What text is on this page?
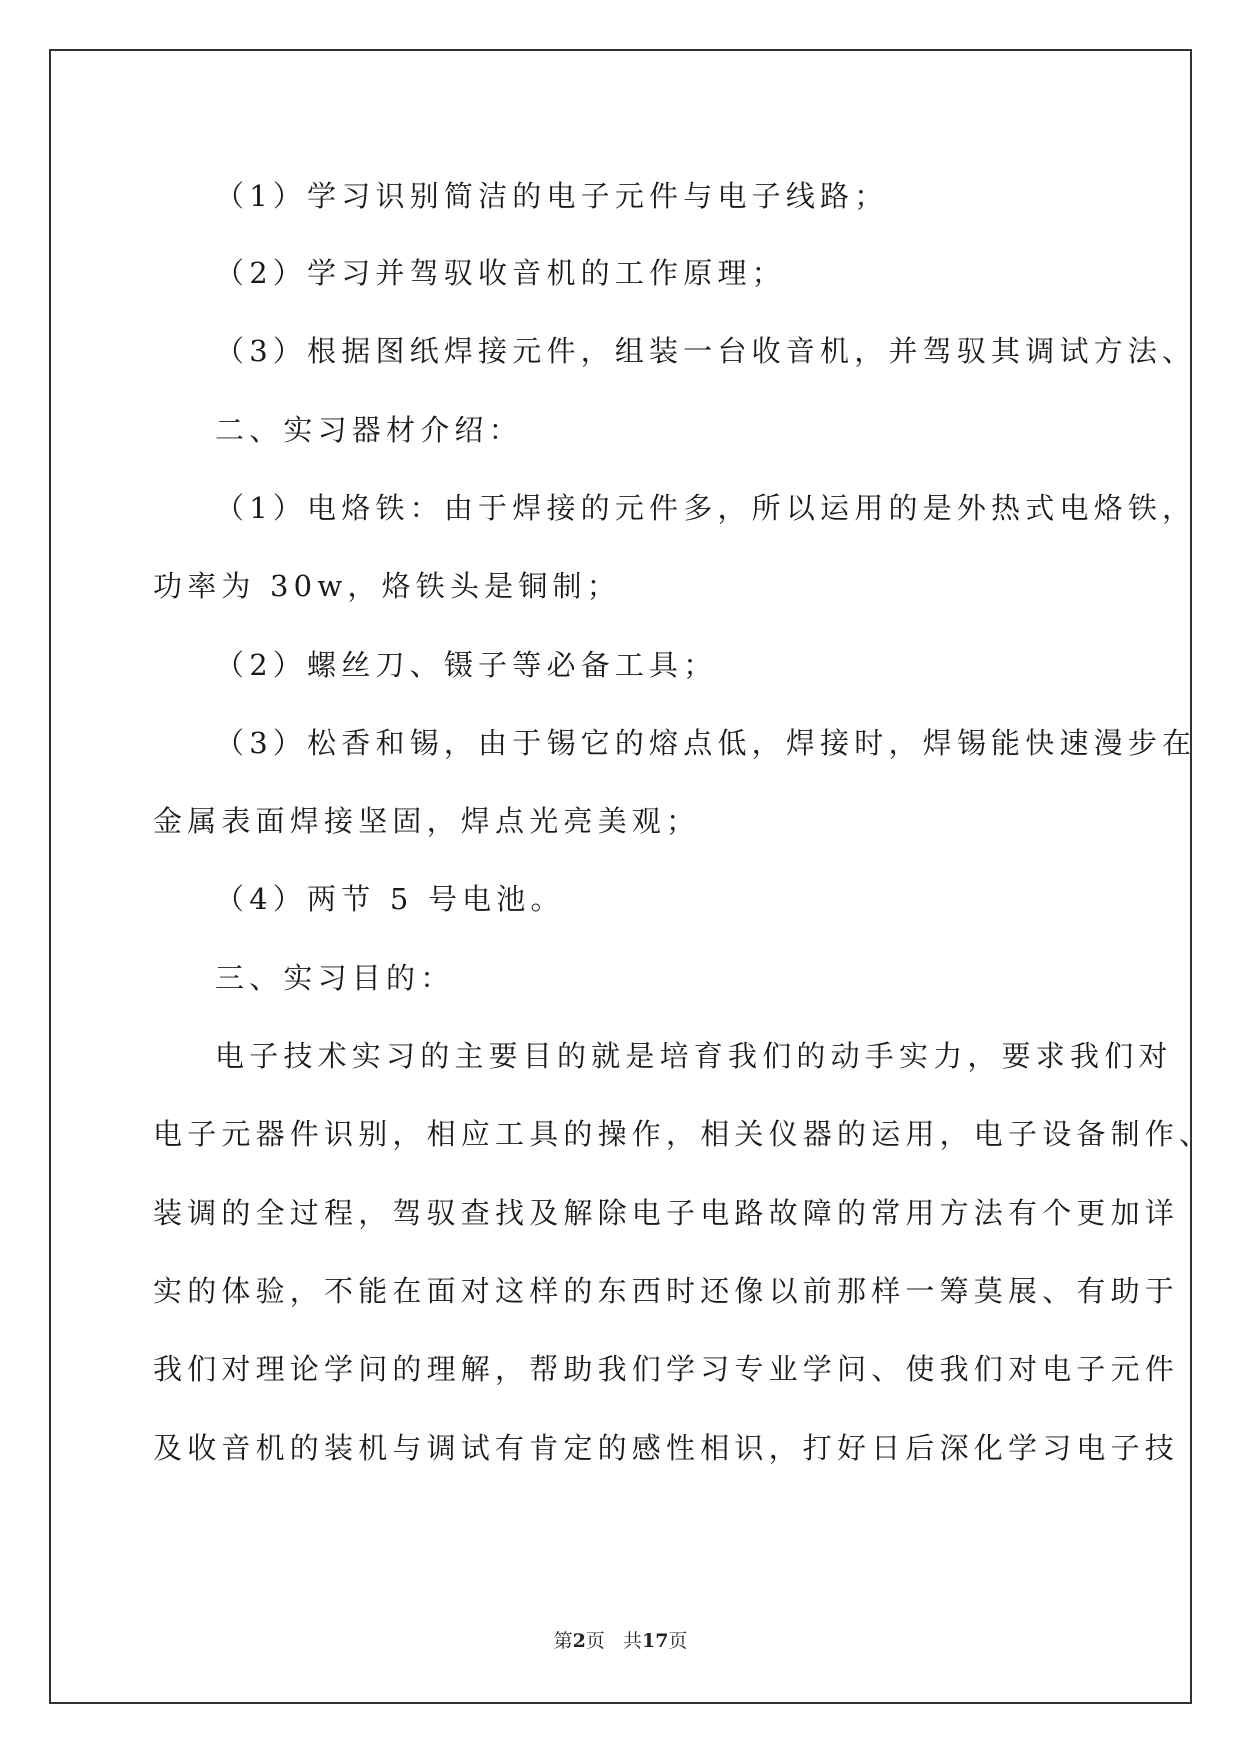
（1）学习识别简洁的电子元件与电子线路；
（2）学习并驾驭收音机的工作原理；
（3）根据图纸焊接元件，组装一台收音机，并驾驭其调试方法、
二、实习器材介绍：
（1）电烙铁：由于焊接的元件多，所以运用的是外热式电烙铁，
功率为 30w，烙铁头是铜制；
（2）螺丝刀、镊子等必备工具；
（3）松香和锡，由于锡它的熔点低，焊接时，焊锡能快速漫步在
金属表面焊接坚固，焊点光亮美观；
（4）两节 5 号电池。
三、实习目的：
电子技术实习的主要目的就是培育我们的动手实力，要求我们对
电子元器件识别，相应工具的操作，相关仪器的运用，电子设备制作、
装调的全过程，驾驭查找及解除电子电路故障的常用方法有个更加详
实的体验，不能在面对这样的东西时还像以前那样一筹莫展、有助于
我们对理论学问的理解，帮助我们学习专业学问、使我们对电子元件
及收音机的装机与调试有肯定的感性相识，打好日后深化学习电子技
第2页 共17页
